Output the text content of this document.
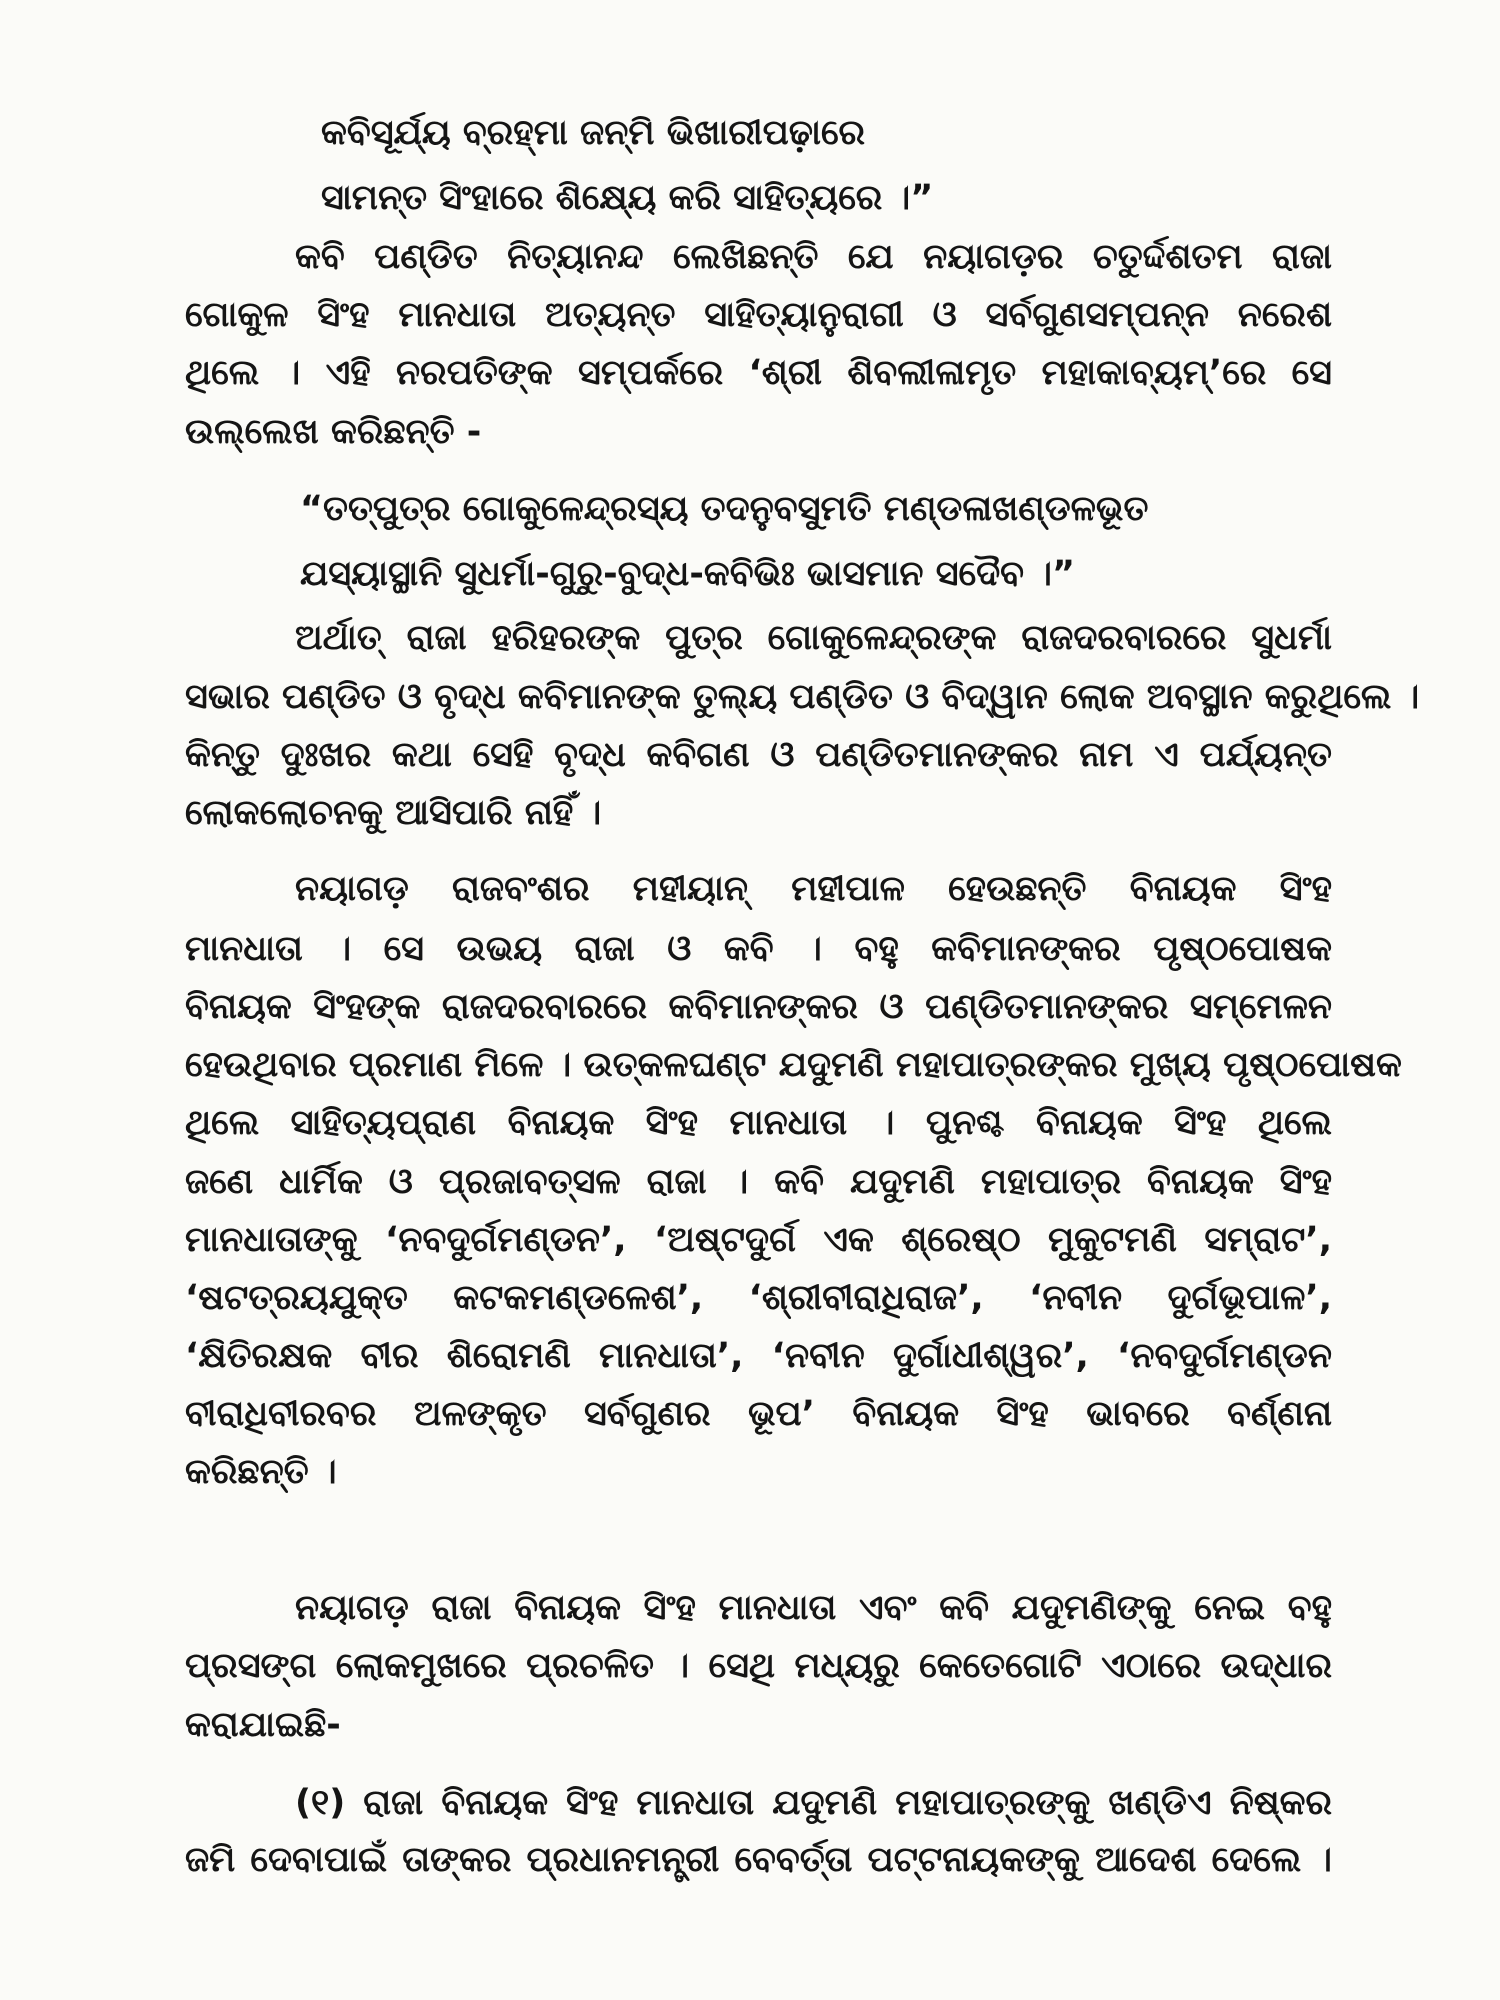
କବିସୂର୍ଯ୍ୟ ବ୍ରହ୍ମା ଜନ୍ମି ଭିଖାରୀପଢ଼ାରେ
ସାମନ୍ତ ସିଂହାରେ ଶିକ୍ଷ୍ୟେ କରି ସାହିତ୍ୟରେ ।”
କବି ପଣ୍ଡିତ ନିତ୍ୟାନନ୍ଦ ଲେଖିଛନ୍ତି ଯେ ନୟାଗଡ଼ର ଚତୁର୍ଦ୍ଦଶତମ ରାଜା
ଗୋକୁଳ ସିଂହ ମାନଧାତା ଅତ୍ୟନ୍ତ ସାହିତ୍ୟାନୁରାଗୀ ଓ ସର୍ବଗୁଣସମ୍ପନ୍ନ ନରେଶ
ଥିଲେ । ଏହି ନରପତିଙ୍କ ସମ୍ପର୍କରେ ‘ଶ୍ରୀ ଶିବଲୀଳାମୃତ ମହାକାବ୍ୟମ୍’ରେ ସେ
ଉଲ୍ଲେଖ କରିଛନ୍ତି -
“ତତ୍ପୁତ୍ର ଗୋକୁଳେନ୍ଦ୍ରସ୍ୟ ତଦନୁବସୁମତି ମଣ୍ଡଳାଖଣ୍ଡଳଭୂତ
ଯସ୍ୟାସ୍ଥାନି ସୁଧର୍ମା-ଗୁରୁ-ବୁଦ୍ଧ-କବିଭିଃ ଭାସମାନ ସଦୈବ ।”
ଅର୍ଥାତ୍ ରାଜା ହରିହରଙ୍କ ପୁତ୍ର ଗୋକୁଳେନ୍ଦ୍ରଙ୍କ ରାଜଦରବାରରେ ସୁଧର୍ମା
ସଭାର ପଣ୍ଡିତ ଓ ବୃଦ୍ଧ କବିମାନଙ୍କ ତୁଲ୍ୟ ପଣ୍ଡିତ ଓ ବିଦ୍ୱାନ ଲୋକ ଅବସ୍ଥାନ କରୁଥିଲେ ।
କିନ୍ତୁ ଦୁଃଖର କଥା ସେହି ବୃଦ୍ଧ କବିଗଣ ଓ ପଣ୍ଡିତମାନଙ୍କର ନାମ ଏ ପର୍ଯ୍ୟନ୍ତ
ଲୋକଲୋଚନକୁ ଆସିପାରି ନାହିଁ ।
ନୟାଗଡ଼ ରାଜବଂଶର ମହୀୟାନ୍ ମହୀପାଳ ହେଉଛନ୍ତି ବିନାୟକ ସିଂହ
ମାନଧାତା । ସେ ଉଭୟ ରାଜା ଓ କବି । ବହୁ କବିମାନଙ୍କର ପୃଷ୍ଠପୋଷକ
ବିନାୟକ ସିଂହଙ୍କ ରାଜଦରବାରରେ କବିମାନଙ୍କର ଓ ପଣ୍ଡିତମାନଙ୍କର ସମ୍ମେଳନ
ହେଉଥିବାର ପ୍ରମାଣ ମିଳେ । ଉତ୍କଳଘଣ୍ଟ ଯଦୁମଣି ମହାପାତ୍ରଙ୍କର ମୁଖ୍ୟ ପୃଷ୍ଠପୋଷକ
ଥିଲେ ସାହିତ୍ୟପ୍ରାଣ ବିନାୟକ ସିଂହ ମାନଧାତା । ପୁନଶ୍ଚ ବିନାୟକ ସିଂହ ଥିଲେ
ଜଣେ ଧାର୍ମିକ ଓ ପ୍ରଜାବତ୍ସଳ ରାଜା । କବି ଯଦୁମଣି ମହାପାତ୍ର ବିନାୟକ ସିଂହ
ମାନଧାତାଙ୍କୁ ‘ନବଦୁର୍ଗମଣ୍ଡନ’, ‘ଅଷ୍ଟଦୁର୍ଗ ଏକ ଶ୍ରେଷ୍ଠ ମୁକୁଟମଣି ସମ୍ରାଟ’,
‘ଷଟତ୍ରୟଯୁକ୍ତ କଟକମଣ୍ଡଳେଶ’, ‘ଶ୍ରୀବୀରାଧିରାଜ’, ‘ନବୀନ ଦୁର୍ଗଭୂପାଳ’,
‘କ୍ଷିତିରକ୍ଷକ ବୀର ଶିରୋମଣି ମାନଧାତା’, ‘ନବୀନ ଦୁର୍ଗାଧୀଶ୍ୱର’, ‘ନବଦୁର୍ଗମଣ୍ଡନ
ବୀରାଧିବୀରବର ଅଳଙ୍କୃତ ସର୍ବଗୁଣର ଭୂପ’ ବିନାୟକ ସିଂହ ଭାବରେ ବର୍ଣ୍ଣନା
କରିଛନ୍ତି ।
ନୟାଗଡ଼ ରାଜା ବିନାୟକ ସିଂହ ମାନଧାତା ଏବଂ କବି ଯଦୁମଣିଙ୍କୁ ନେଇ ବହୁ
ପ୍ରସଙ୍ଗ ଲୋକମୁଖରେ ପ୍ରଚଳିତ । ସେଥି ମଧ୍ୟରୁ କେତେଗୋଟି ଏଠାରେ ଉଦ୍ଧାର
କରାଯାଇଛି-
(୧) ରାଜା ବିନାୟକ ସିଂହ ମାନଧାତା ଯଦୁମଣି ମହାପାତ୍ରଙ୍କୁ ଖଣ୍ଡିଏ ନିଷ୍କର
ଜମି ଦେବାପାଇଁ ତାଙ୍କର ପ୍ରଧାନମନ୍ତ୍ରୀ ବେବର୍ତ୍ତା ପଟ୍ଟନାୟକଙ୍କୁ ଆଦେଶ ଦେଲେ ।
